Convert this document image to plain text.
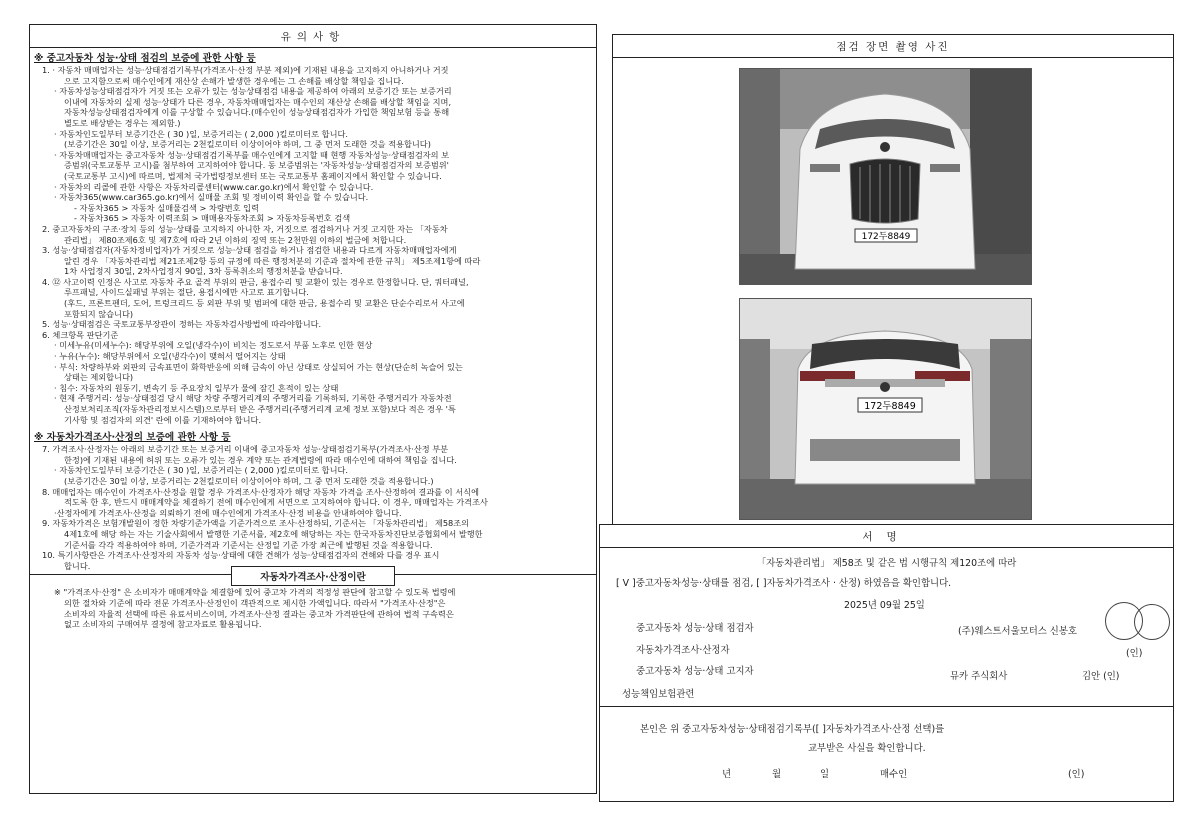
유의사항
※ 중고자동차 성능·상태 점검의 보증에 관한 사항 등
1. · 자동차 매매업자는 성능·상태점검기록부(가격조사·산정 부분 제외)에 기재된 내용을 고지하지 아니하거나 거짓
으로 고지함으로써 매수인에게 재산상 손해가 발생한 경우에는 그 손해를 배상할 책임을 집니다.
· 자동차성능상태점검자가 거짓 또는 오류가 있는 성능상태점검 내용을 제공하여 아래의 보증기간 또는 보증거리
이내에 자동차의 실제 성능·상태가 다른 경우, 자동차매매업자는 매수인의 재산상 손해를 배상할 책임을 지며,
자동차성능상태점검자에게 이를 구상할 수 있습니다.(매수인이 성능상태점검자가 가입한 책임보험 등을 통해
별도로 배상받는 경우는 제외함.)
· 자동차인도일부터 보증기간은 ( 30 )일, 보증거리는 ( 2,000 )킬로미터로 합니다.
(보증기간은 30일 이상, 보증거리는 2천킬로미터 이상이어야 하며, 그 중 먼저 도래한 것을 적용합니다)
· 자동차매매업자는 중고자동차 성능·상태점검기록부를 매수인에게 고지할 때 현행 자동차성능·상태점검자의 보
증범위(국토교통부 고시)를 첨부하여 고지하여야 합니다. 동 보증범위는 '자동차성능·상태점검자의 보증범위'
(국토교통부 고시)에 따르며, 법제처 국가법령정보센터 또는 국토교통부 홈페이지에서 확인할 수 있습니다.
· 자동차의 리콜에 관한 사항은 자동차리콜센터(www.car.go.kr)에서 확인할 수 있습니다.
· 자동차365(www.car365.go.kr)에서 실매물 조회 및 정비이력 확인을 할 수 있습니다.
- 자동차365 > 자동차 실매물검색 > 차량번호 입력
- 자동차365 > 자동차 이력조회 > 매매용자동차조회 > 자동차등록번호 검색
2. 중고자동차의 구조·장치 등의 성능·상태를 고지하지 아니한 자, 거짓으로 점검하거나 거짓 고지한 자는 「자동차
관리법」 제80조제6호 및 제7호에 따라 2년 이하의 징역 또는 2천만원 이하의 벌금에 처합니다.
3. 성능·상태점검자(자동차정비업자)가 거짓으로 성능·상태 점검을 하거나 점검한 내용과 다르게 자동차매매업자에게
알린 경우 「자동차관리법 제21조제2항 등의 규정에 따른 행정처분의 기준과 절차에 관한 규칙」 제5조제1항에 따라
1차 사업정지 30일, 2차사업정지 90일, 3차 등록취소의 행정처분을 받습니다.
4. ⑫ 사고이력 인정은 사고로 자동차 주요 골격 부위의 판금, 용접수리 및 교환이 있는 경우로 한정합니다. 단, 쿼터패널,
루프패널, 사이드실패널 부위는 절단, 용접시에만 사고로 표기합니다.
(후드, 프론트펜더, 도어, 트렁크리드 등 외판 부위 및 범퍼에 대한 판금, 용접수리 및 교환은 단순수리로서 사고에
포함되지 않습니다)
5. 성능·상태점검은 국토교통부장관이 정하는 자동차검사방법에 따라야합니다.
6. 체크항목 판단기준
· 미세누유(미세누수): 해당부위에 오일(냉각수)이 비치는 정도로서 부품 노후로 인한 현상
· 누유(누수): 해당부위에서 오일(냉각수)이 맺혀서 떨어지는 상태
· 부식: 차량하부와 외판의 금속표면이 화학반응에 의해 금속이 아닌 상태로 상실되어 가는 현상(단순히 녹슬어 있는
상태는 제외합니다)
· 침수: 자동차의 원동기, 변속기 등 주요장치 일부가 물에 잠긴 흔적이 있는 상태
· 현재 주행거리: 성능·상태점검 당시 해당 차량 주행거리계의 주행거리를 기록하되, 기록한 주행거리가 자동차전
산정보처리조직(자동차관리정보시스템)으로부터 받은 주행거리(주행거리계 교체 정보 포함)보다 적은 경우 '특
기사항 및 점검자의 의견' 란에 이를 기재하여야 합니다.
※ 자동차가격조사·산정의 보증에 관한 사항 등
7. 가격조사·산정자는 아래의 보증기간 또는 보증거리 이내에 중고자동차 성능·상태점검기록부(가격조사·산정 부분
한정)에 기재된 내용에 허위 또는 오류가 있는 경우 계약 또는 관계법령에 따라 매수인에 대하여 책임을 집니다.
· 자동차인도일부터 보증기간은 ( 30 )일, 보증거리는 ( 2,000 )킬로미터로 합니다.
(보증기간은 30일 이상, 보증거리는 2천킬로미터 이상이어야 하며, 그 중 먼저 도래한 것을 적용합니다.)
8. 매매업자는 매수인이 가격조사·산정을 원할 경우 가격조사·산정자가 해당 자동차 가격을 조사·산정하여 결과를 이 서식에
적도록 한 후, 반드시 매매계약을 체결하기 전에 매수인에게 서면으로 고지하여야 합니다. 이 경우, 매매업자는 가격조사
·산정자에게 가격조사·산정을 의뢰하기 전에 매수인에게 가격조사·산정 비용을 안내하여야 합니다.
9. 자동차가격은 보험개발원이 정한 차량기준가액을 기준가격으로 조사·산정하되, 기준서는 「자동차관리법」 제58조의
4제1호에 해당 하는 자는 기술사회에서 발행한 기준서를, 제2호에 해당하는 자는 한국자동차진단보증협회에서 발행한
기준서를 각각 적용하여야 하며, 기준가격과 기준서는 산정일 기준 가장 최근에 발행된 것을 적용합니다.
10. 특기사항란은 가격조사·산정자의 자동차 성능·상태에 대한 견해가 성능·상태점검자의 견해와 다를 경우 표시
합니다.
자동차가격조사·산정이란
※ "가격조사·산정" 은 소비자가 매매계약을 체결함에 있어 중고차 가격의 적정성 판단에 참고할 수 있도록 법령에
의한 절차와 기준에 따라 전문 가격조사·산정인이 객관적으로 제시한 가액입니다. 따라서 "가격조사·산정"은
소비자의 자율적 선택에 따른 유료서비스이며, 가격조사·산정 결과는 중고차 가격판단에 관하여 법적 구속력은
없고 소비자의 구매여부 결정에 참고자료로 활용됩니다.
점검 장면 촬영 사진
172두8849
172두8849
서명
「자동차관리법」 제58조 및 같은 법 시행규칙 제120조에 따라
[ V ]중고자동차성능·상태를 점검, [ ]자동차가격조사 · 산정) 하였음을 확인합니다.
2025년 09월 25일
중고자동차 성능·상태 점검자	(주)웨스트서울모터스 신봉호
자동차가격조사·산정자	(인)
중고자동차 성능·상태 고지자	뮤카 주식회사	김안 (인)
성능책임보험관련
본인은 위 중고자동차성능·상태점검기록부([ ]자동차가격조사·산정 선택)를
교부받은 사실을 확인합니다.
년	월	일	매수인	(인)
